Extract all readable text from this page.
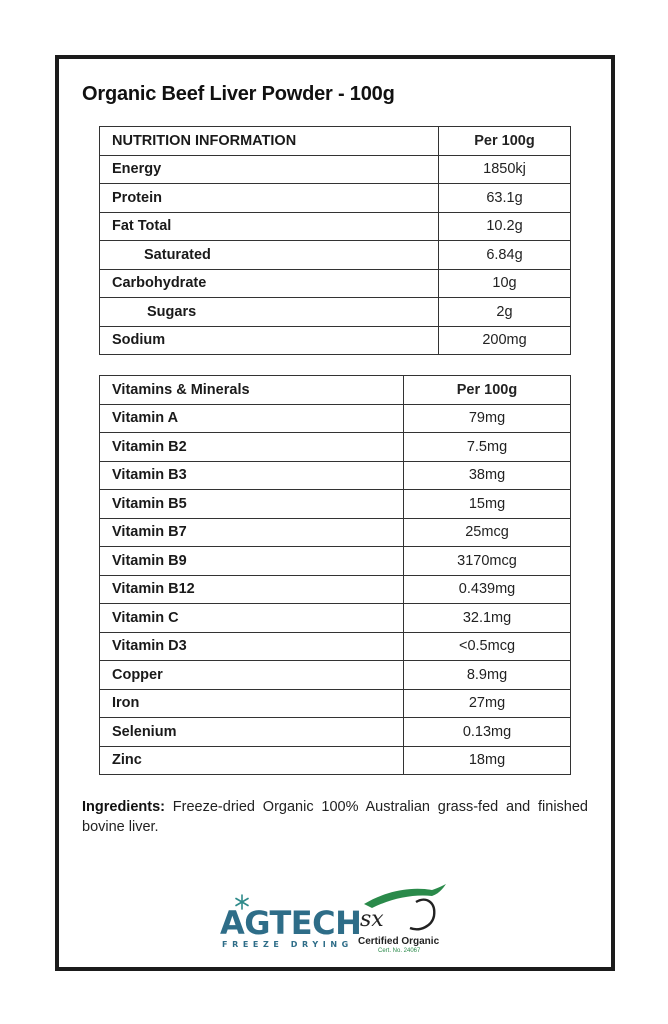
Organic Beef Liver Powder - 100g
NUTRITION INFORMATION	Per 100g
Energy	1850kj
Protein	63.1g
Fat Total	10.2g
Saturated	6.84g
Carbohydrate	10g
Sugars	2g
Sodium	200mg
Vitamins & Minerals	Per 100g
Vitamin A	79mg
Vitamin B2	7.5mg
Vitamin B3	38mg
Vitamin B5	15mg
Vitamin B7	25mcg
Vitamin B9	3170mcg
Vitamin B12	0.439mg
Vitamin C	32.1mg
Vitamin D3	<0.5mcg
Copper	8.9mg
Iron	27mg
Selenium	0.13mg
Zinc	18mg
Ingredients: Freeze-dried Organic 100% Australian grass-fed and finished bovine liver.
AGTECH
FREEZE DRYING
sx
Certified Organic
Cert. No. 24067
